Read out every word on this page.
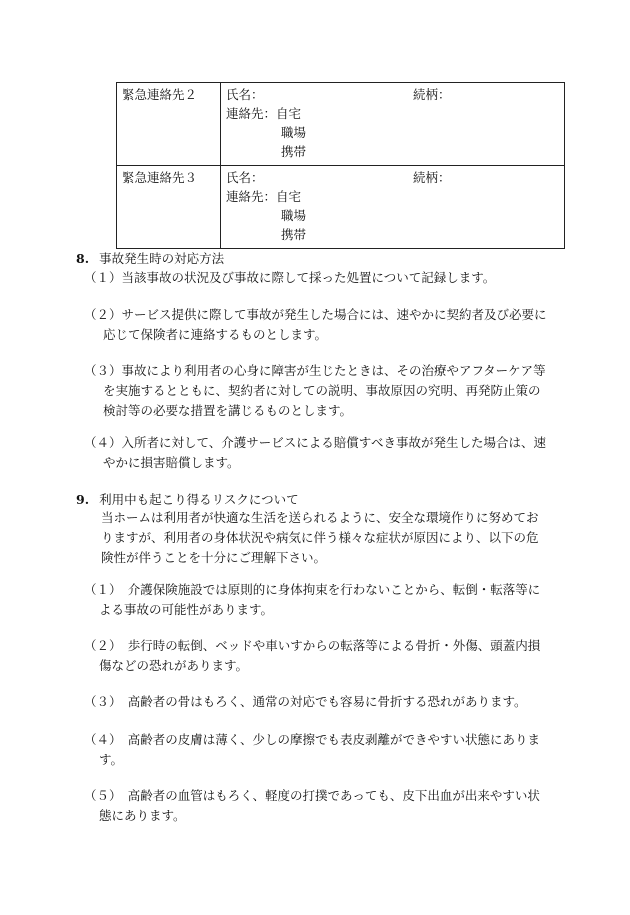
緊急連絡先２	氏名： 続柄：
連絡先：自宅
職場
携帯

緊急連絡先３	氏名： 続柄：
連絡先：自宅
職場
携帯
8. 事故発生時の対応方法
（１）当該事故の状況及び事故に際して採った処置について記録します。
（２）サービス提供に際して事故が発生した場合には、速やかに契約者及び必要に
応じて保険者に連絡するものとします。
（３）事故により利用者の心身に障害が生じたときは、その治療やアフターケア等
を実施するとともに、契約者に対しての説明、事故原因の究明、再発防止策の
検討等の必要な措置を講じるものとします。
（４）入所者に対して、介護サービスによる賠償すべき事故が発生した場合は、速
やかに損害賠償します。
9. 利用中も起こり得るリスクについて
当ホームは利用者が快適な生活を送られるように、安全な環境作りに努めてお
りますが、利用者の身体状況や病気に伴う様々な症状が原因により、以下の危
険性が伴うことを十分にご理解下さい。
（１）　介護保険施設では原則的に身体拘束を行わないことから、転倒・転落等に
よる事故の可能性があります。
（２）　歩行時の転倒、ベッドや車いすからの転落等による骨折・外傷、頭蓋内損
傷などの恐れがあります。
（３）　高齢者の骨はもろく、通常の対応でも容易に骨折する恐れがあります。
（４）　高齢者の皮膚は薄く、少しの摩擦でも表皮剥離ができやすい状態にありま
す。
（５）　高齢者の血管はもろく、軽度の打撲であっても、皮下出血が出来やすい状
態にあります。
